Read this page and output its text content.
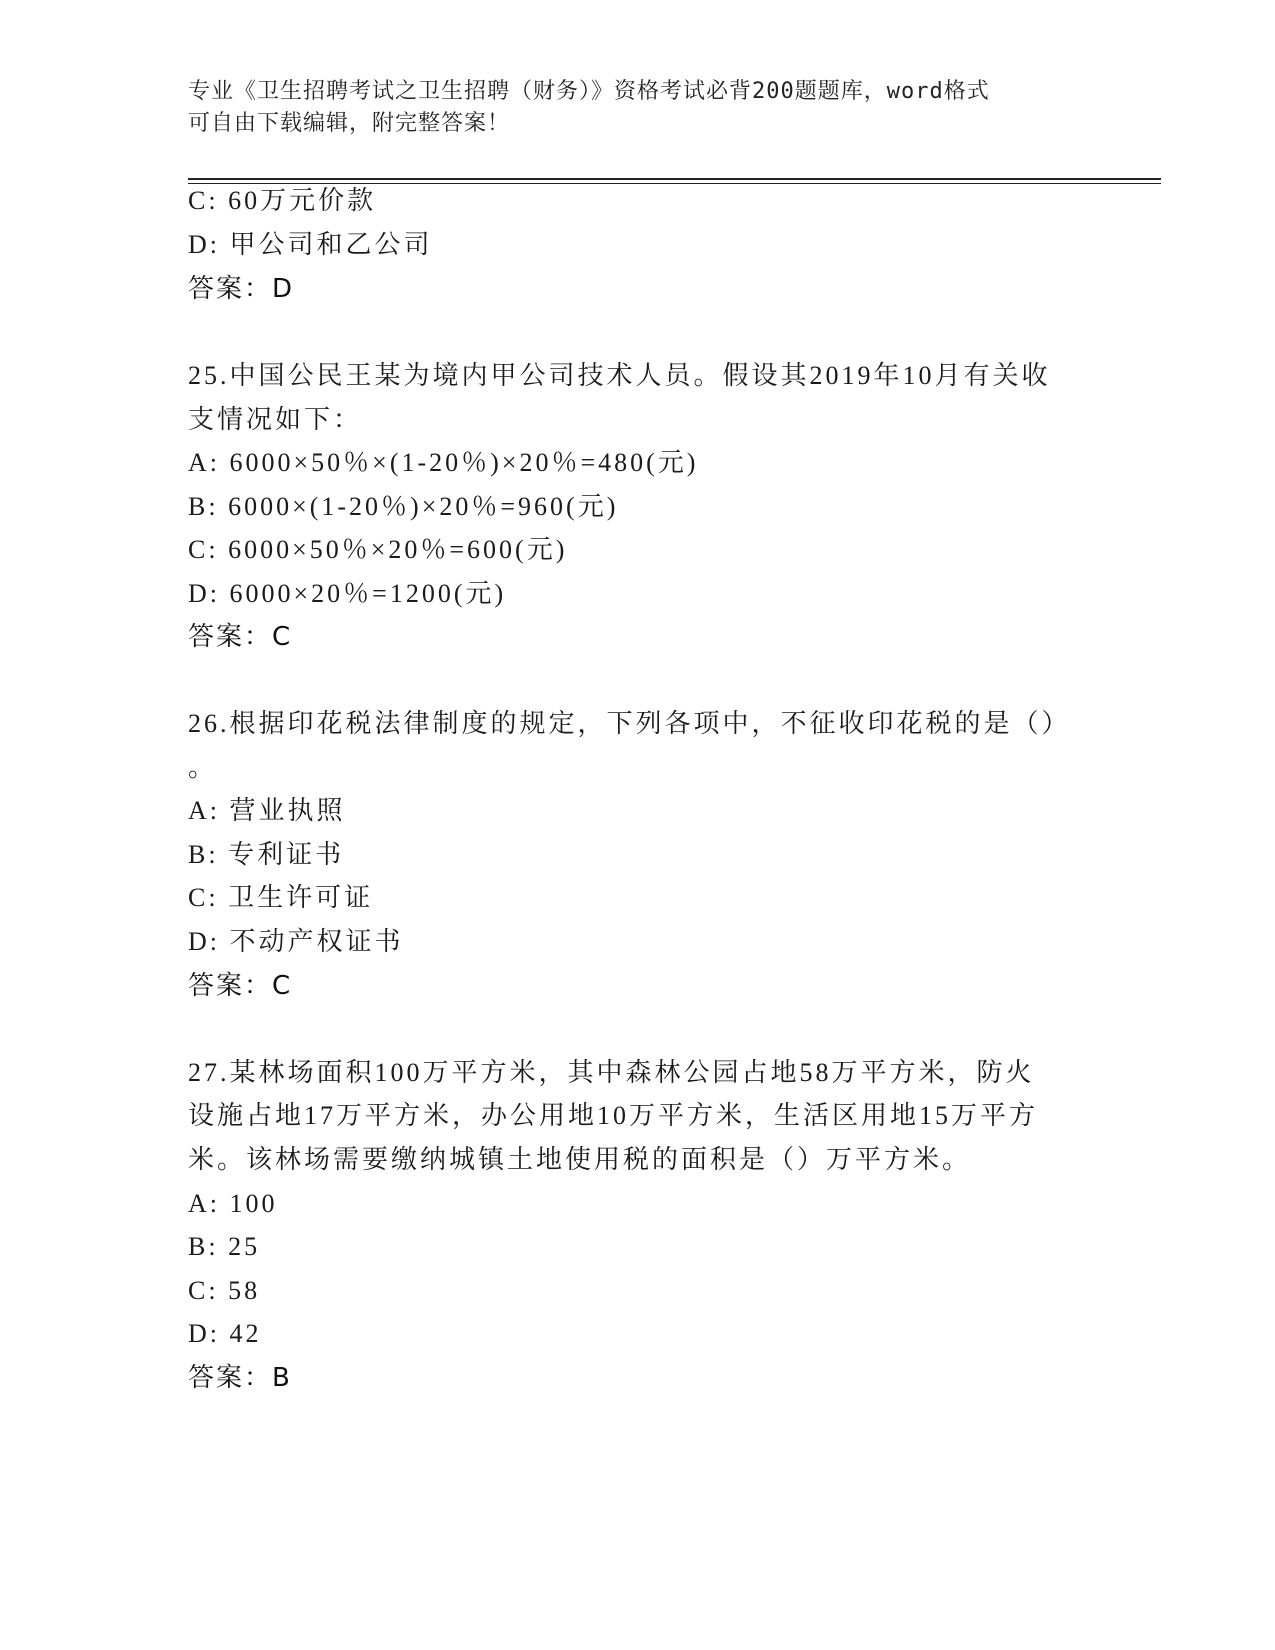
专业《卫生招聘考试之卫生招聘（财务）》资格考试必背200题题库，word格式
可自由下载编辑，附完整答案！
C: 60万元价款
D: 甲公司和乙公司
答案：D
25.中国公民王某为境内甲公司技术人员。假设其2019年10月有关收
支情况如下：
A: 6000×50％×(1-20％)×20％=480(元)
B: 6000×(1-20％)×20％=960(元)
C: 6000×50％×20％=600(元)
D: 6000×20％=1200(元)
答案：C
26.根据印花税法律制度的规定，下列各项中，不征收印花税的是（）
。
A: 营业执照
B: 专利证书
C: 卫生许可证
D: 不动产权证书
答案：C
27.某林场面积100万平方米，其中森林公园占地58万平方米，防火
设施占地17万平方米，办公用地10万平方米，生活区用地15万平方
米。该林场需要缴纳城镇土地使用税的面积是（）万平方米。
A: 100
B: 25
C: 58
D: 42
答案：B
